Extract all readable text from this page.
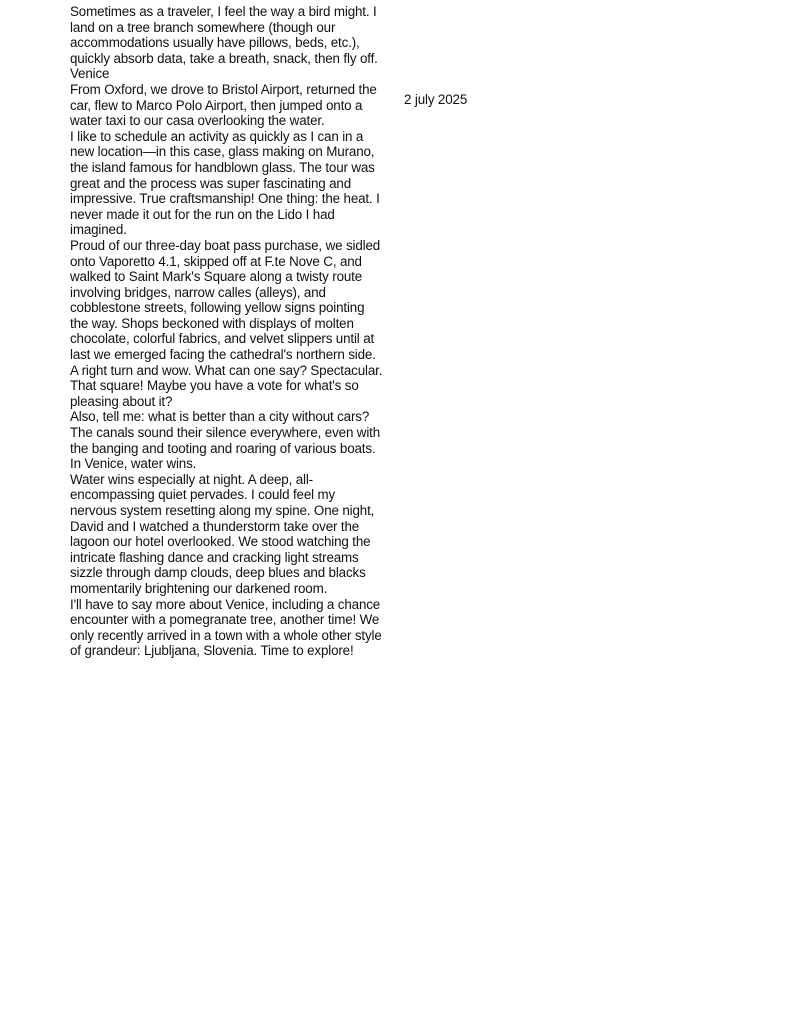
Sometimes as a traveler, I feel the way a bird might. I land on a tree branch somewhere (though our accommodations usually have pillows, beds, etc.), quickly absorb data, take a breath, snack, then fly off.

Venice

From Oxford, we drove to Bristol Airport, returned the car, flew to Marco Polo Airport, then jumped onto a water taxi to our casa overlooking the water.

I like to schedule an activity as quickly as I can in a new location—in this case, glass making on Murano, the island famous for handblown glass. The tour was great and the process was super fascinating and impressive. True craftsmanship! One thing: the heat. I never made it out for the run on the Lido I had imagined.

Proud of our three-day boat pass purchase, we sidled onto Vaporetto 4.1, skipped off at F.te Nove C, and walked to Saint Mark's Square along a twisty route involving bridges, narrow calles (alleys), and cobblestone streets, following yellow signs pointing the way. Shops beckoned with displays of molten chocolate, colorful fabrics, and velvet slippers until at last we emerged facing the cathedral's northern side. A right turn and wow. What can one say? Spectacular. That square! Maybe you have a vote for what's so pleasing about it?

Also, tell me: what is better than a city without cars? The canals sound their silence everywhere, even with the banging and tooting and roaring of various boats. In Venice, water wins.

Water wins especially at night. A deep, all-encompassing quiet pervades. I could feel my nervous system resetting along my spine. One night, David and I watched a thunderstorm take over the lagoon our hotel overlooked. We stood watching the intricate flashing dance and cracking light streams sizzle through damp clouds, deep blues and blacks momentarily brightening our darkened room.

I'll have to say more about Venice, including a chance encounter with a pomegranate tree, another time! We only recently arrived in a town with a whole other style of grandeur: Ljubljana, Slovenia. Time to explore!

2 july 2025
